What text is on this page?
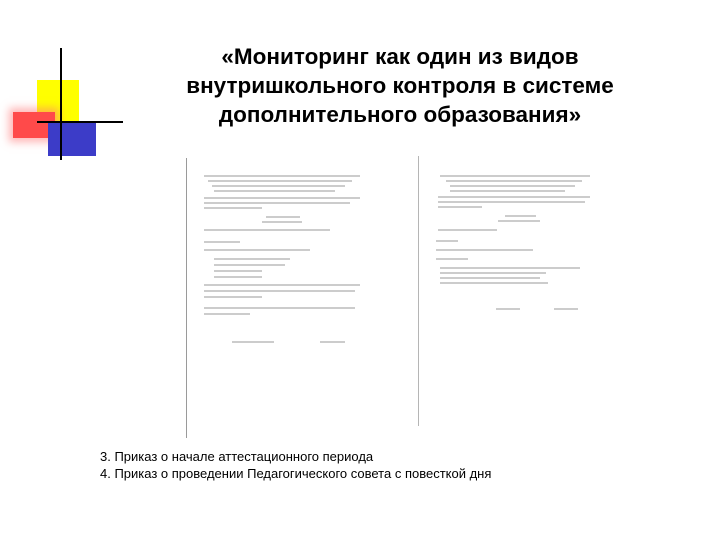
«Мониторинг как один из видов внутришкольного контроля в системе дополнительного образования»
3. Приказ о начале аттестационного периода
4. Приказ о проведении Педагогического совета с повесткой дня
